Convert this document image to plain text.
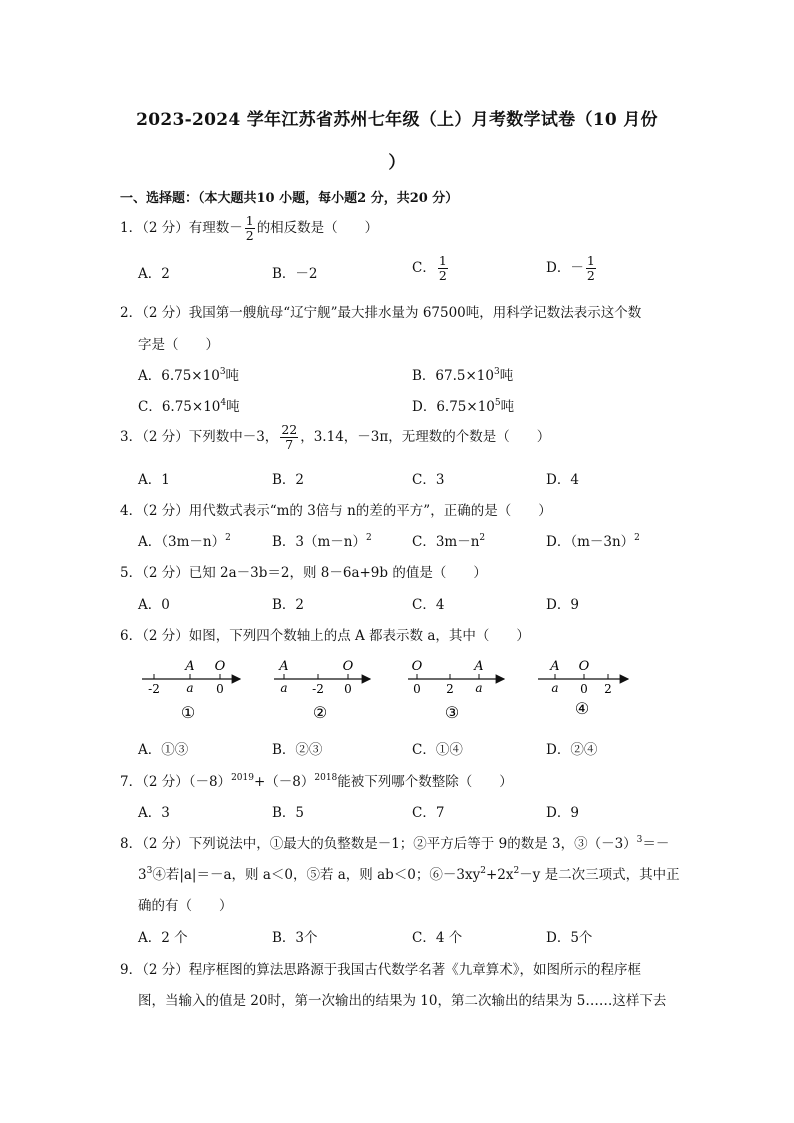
2023-2024 学年江苏省苏州七年级（上）月考数学试卷（10 月份
）
一、选择题：（本大题共10 小题，每小题2 分，共20 分）
1．（2 分）有理数－ $\frac{1}{2}$ 的相反数是（　　）
A．2	B．－2	C． $\frac{1}{2}$	D．－ $\frac{1}{2}$
2．（2 分）我国第一艘航母“辽宁舰”最大排水量为 67500吨，用科学记数法表示这个数
字是（　　）
A．$6.75\times 10^3$吨	B．$67.5\times 10^3$吨
C．$6.75\times 10^4$吨	D．$6.75\times 10^5$吨
3．（2 分）下列数中－3， $\frac{22}{7}$ ，3.14，－3π，无理数的个数是（　　）
A．1	B．2	C．3	D．4
4．（2 分）用代数式表示“m的 3倍与 n的差的平方”，正确的是（　　）
A．$(3m-n)^2$	B．$3(m-n)^2$	C．$3m-n^2$	D．$(m-3n)^2$
5．（2 分）已知 2a－3b＝2，则 8－6a+9b 的值是（　　）
A．0	B．2	C．4	D．9
6．（2 分）如图，下列四个数轴上的点 A 都表示数 a，其中（　　）
A O
-2 a 0
①
A	O
a -2 0
②
O	A
0 2 a
③
A O
a 0 2
④
A．①③	B．②③	C．①④	D．②④
7．（2 分）$(-8)^{2019}+(-8)^{2018}$能被下列哪个数整除（　　）
A．3	B．5	C．7	D．9
8．（2 分）下列说法中，①最大的负整数是－1；②平方后等于 9的数是 3，$③(-3)^3=-$
$3^3④$若|a|＝－a，则 a＜0，⑤若 a，则 ab＜0；$⑥-3xy^2+2x^2-y$ 是二次三项式，其中正
确的有（　　）
A．2 个	B．3个	C．4 个	D．5个
9．（2 分）程序框图的算法思路源于我国古代数学名著《九章算术》，如图所示的程序框
图，当输入的值是 20时，第一次输出的结果为 10，第二次输出的结果为 5……这样下去
